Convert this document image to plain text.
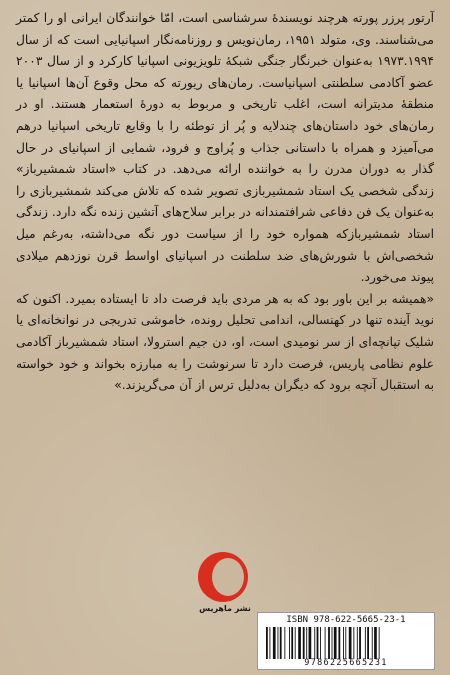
آرتور پرزر پورته هرچند نویسندهٔ سرشناسی است، امّا خوانندگان ایرانی او را کمتر می‌شناسند. وی، متولد ۱۹۵۱، رمان‌نویس و روزنامه‌نگار اسپانیایی است که از سال ۱۹۷۳.۱۹۹۴ به‌عنوان خبرنگار جنگی شبکهٔ تلویزیونی اسپانیا کارکرد و از سال ۲۰۰۳ عضو آکادمی سلطنتی اسپانیاست. رمان‌های ریورته که محل وقوع آن‌ها اسپانیا یا منطقهٔ مدیترانه است، اغلب تاریخی و مربوط به دورهٔ استعمار هستند. او در رمان‌های خود داستان‌های چندلایه و پُر از توطئه را با وقایع تاریخی اسپانیا درهم می‌آمیزد و همراه با داستانی جذاب و پُراوج و فرود، شمایی از اسپانیای در حال گذار به دوران مدرن را به خواننده ارائه می‌دهد. در کتاب «استاد شمشیرباز» زندگی شخصی یک استاد شمشیربازی تصویر شده که تلاش می‌کند شمشیربازی را به‌عنوان یک فن دفاعی شرافتمندانه در برابر سلاح‌های آتشین زنده نگه دارد. زندگی استاد شمشیربازکه همواره خود را از سیاست دور نگه می‌داشته، به‌رغم میل شخصی‌اش با شورش‌های ضد سلطنت در اسپانیای اواسط قرن نوزدهم میلادی پیوند می‌خورد.

«همیشه بر این باور بود که به هر مردی باید فرصت داد تا ایستاده بمیرد. اکنون که نوید آینده تنها در کهنسالی، اندامی تحلیل رونده، خاموشی تدریجی در نوانخانه‌ای یا شلیک تپانچه‌ای از سر نومیدی است، او، دن جیم استرولا، استاد شمشیرباز آکادمی علوم نظامی پاریس، فرصت دارد تا سرنوشت را به مبارزه بخواند و خود خواسته به استقبال آنچه برود که دیگران به‌دلیل ترس از آن می‌گریزند.»

نشر ماهریس
ISBN 978-622-5665-23-1
9786225665231
